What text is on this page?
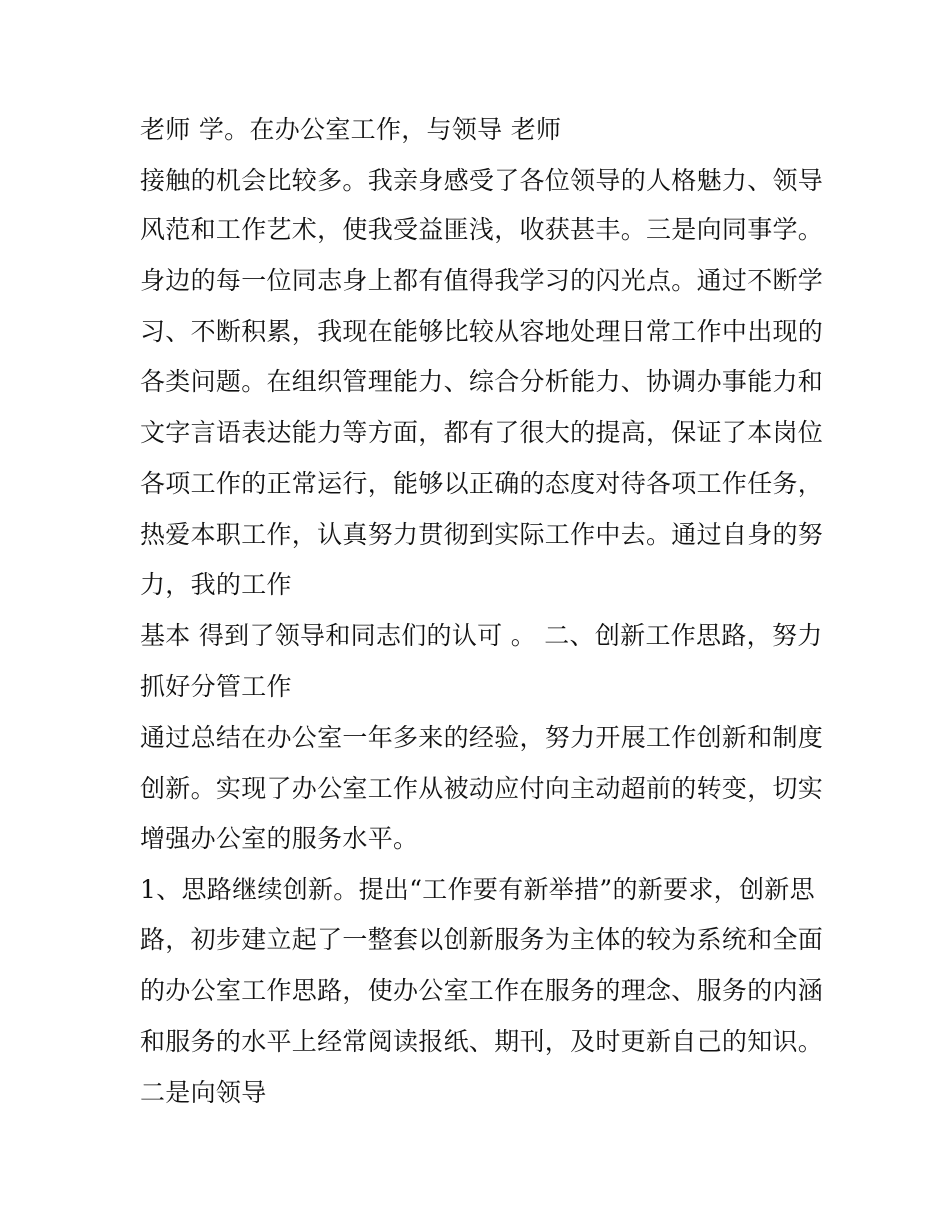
老师 学。在办公室工作，与领导 老师
接触的机会比较多。我亲身感受了各位领导的人格魅力、领导
风范和工作艺术，使我受益匪浅，收获甚丰。三是向同事学。
身边的每一位同志身上都有值得我学习的闪光点。通过不断学
习、不断积累，我现在能够比较从容地处理日常工作中出现的
各类问题。在组织管理能力、综合分析能力、协调办事能力和
文字言语表达能力等方面，都有了很大的提高，保证了本岗位
各项工作的正常运行，能够以正确的态度对待各项工作任务，
热爱本职工作，认真努力贯彻到实际工作中去。通过自身的努
力，我的工作
基本 得到了领导和同志们的认可 。 二、创新工作思路，努力
抓好分管工作
通过总结在办公室一年多来的经验，努力开展工作创新和制度
创新。实现了办公室工作从被动应付向主动超前的转变，切实
增强办公室的服务水平。
1、思路继续创新。提出“工作要有新举措”的新要求，创新思
路，初步建立起了一整套以创新服务为主体的较为系统和全面
的办公室工作思路，使办公室工作在服务的理念、服务的内涵
和服务的水平上经常阅读报纸、期刊，及时更新自己的知识。
二是向领导
